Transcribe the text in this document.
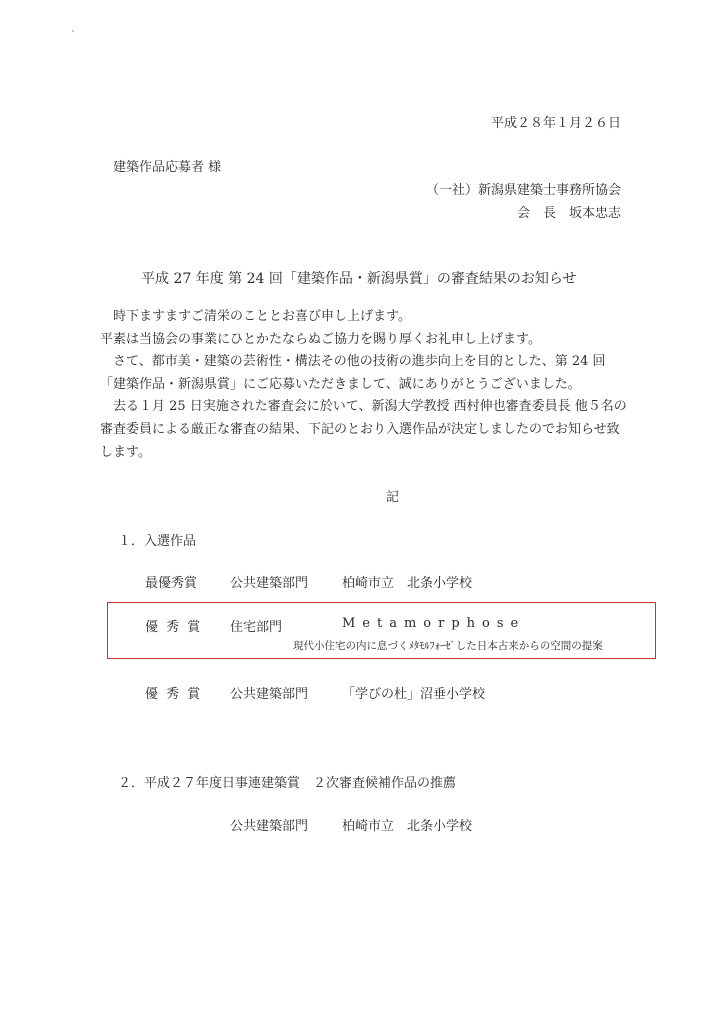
平成２８年１月２６日
建築作品応募者 様
（一社）新潟県建築士事務所協会
会　長　坂本忠志
平成 27 年度 第 24 回「建築作品・新潟県賞」の審査結果のお知らせ

時下ますますご清栄のこととお喜び申し上げます。

平素は当協会の事業にひとかたならぬご協力を賜り厚くお礼申し上げます。

さて、都市美・建築の芸術性・構法その他の技術の進歩向上を目的とした、第 24 回「建築作品・新潟県賞」にご応募いただきまして、誠にありがとうございました。

去る１月 25 日実施された審査会に於いて、新潟大学教授 西村伸也審査委員長 他５名の審査委員による厳正な審査の結果、下記のとおり入選作品が決定しましたのでお知らせ致します。

記
１．入選作品
最優秀賞	公共建築部門	柏崎市立　北条小学校
優 秀 賞 住宅部門	Metamorphose
現代小住宅の内に息づくﾒﾀﾓﾙﾌｫｰｾﾞした日本古来からの空間の提案
優 秀 賞 公共建築部門	「学びの杜」沼垂小学校
２．平成２７年度日事連建築賞　２次審査候補作品の推薦
公共建築部門	柏崎市立　北条小学校
